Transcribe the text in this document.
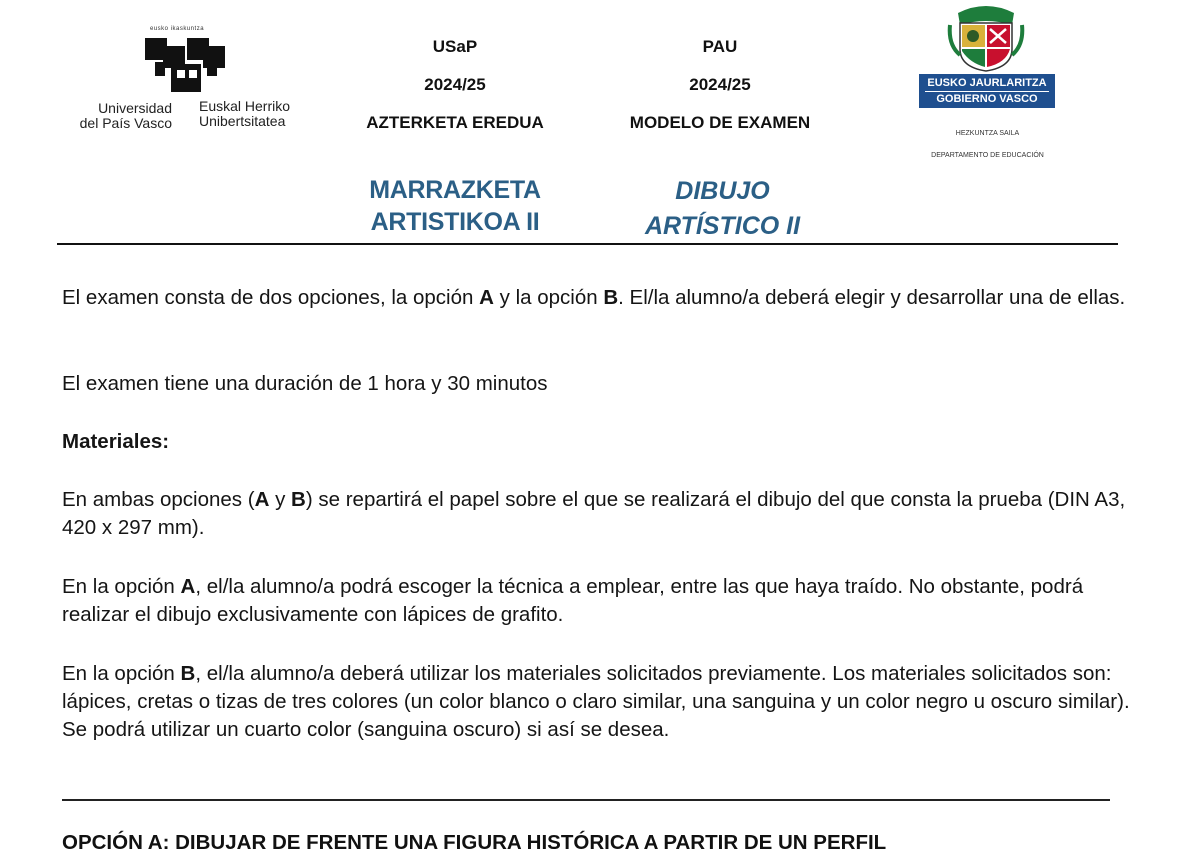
eusko ikaskuntza
Universidad
del País Vasco
Euskal Herriko
Unibertsitatea
USaP
2024/25
AZTERKETA EREDUA
PAU
2024/25
MODELO DE EXAMEN
MARRAZKETA
ARTISTIKOA II
DIBUJO
ARTÍSTICO II
EUSKO JAURLARITZA
GOBIERNO VASCO
HEZKUNTZA SAILA
DEPARTAMENTO DE EDUCACIÓN
El examen consta de dos opciones, la opción A y la opción B. El/la alumno/a deberá elegir y desarrollar una de ellas.
El examen tiene una duración de 1 hora y 30 minutos
Materiales:
En ambas opciones (A y B) se repartirá el papel sobre el que se realizará el dibujo del que consta la prueba (DIN A3, 420 x 297 mm).
En la opción A, el/la alumno/a podrá escoger la técnica a emplear, entre las que haya traído. No obstante, podrá realizar el dibujo exclusivamente con lápices de grafito.
En la opción B, el/la alumno/a deberá utilizar los materiales solicitados previamente. Los materiales solicitados son: lápices, cretas o tizas de tres colores (un color blanco o claro similar, una sanguina y un color negro u oscuro similar). Se podrá utilizar un cuarto color (sanguina oscuro) si así se desea.
OPCIÓN A: DIBUJAR DE FRENTE UNA FIGURA HISTÓRICA A PARTIR DE UN PERFIL
